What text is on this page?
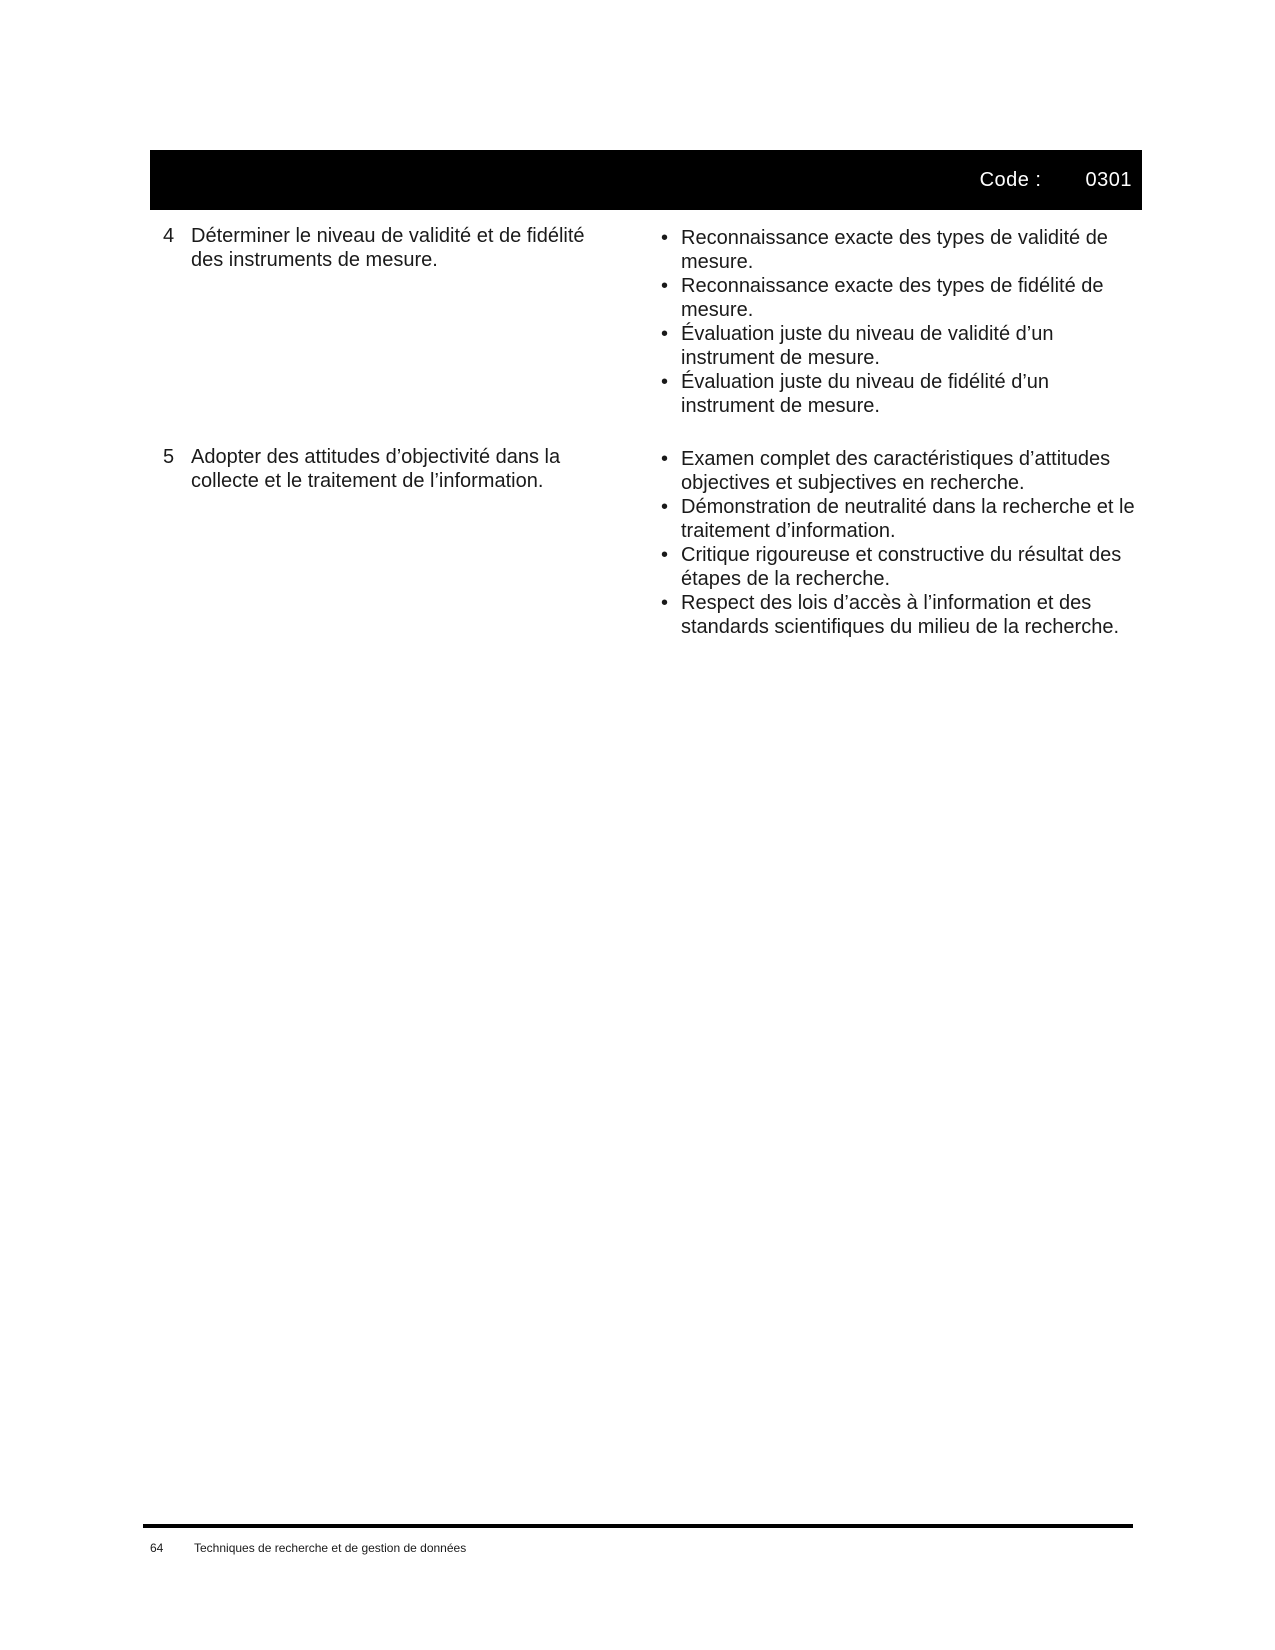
Code : 0301
4 Déterminer le niveau de validité et de fidélité des instruments de mesure.
• Reconnaissance exacte des types de validité de mesure.
• Reconnaissance exacte des types de fidélité de mesure.
• Évaluation juste du niveau de validité d’un instrument de mesure.
• Évaluation juste du niveau de fidélité d’un instrument de mesure.
5 Adopter des attitudes d’objectivité dans la collecte et le traitement de l’information.
• Examen complet des caractéristiques d’attitudes objectives et subjectives en recherche.
• Démonstration de neutralité dans la recherche et le traitement d’information.
• Critique rigoureuse et constructive du résultat des étapes de la recherche.
• Respect des lois d’accès à l’information et des standards scientifiques du milieu de la recherche.
64	Techniques de recherche et de gestion de données
